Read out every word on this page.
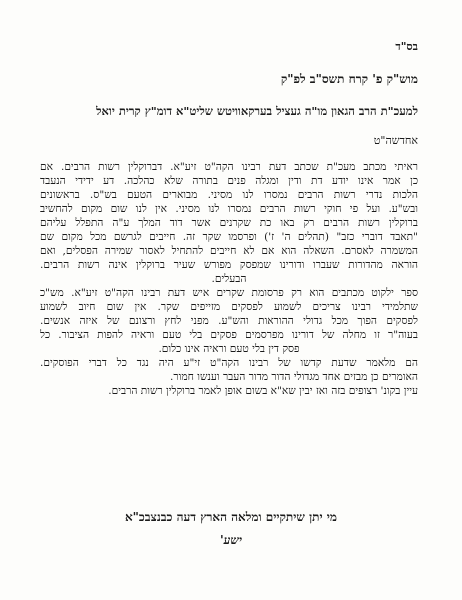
בס"ד
מוש"ק פ' קרח תשס"ב לפ"ק
למעכ"ת הרב הגאון מו"ה געציל בערקאוויטש שליט"א דומ"ץ קרית יואל
אחדשה"ט
ראיתי מכתב מעכ"ת שכתב דעת רבינו הקה"ט זיע"א. דברוקלין רשות הרבים. אם
כן אמר אינו יודע דת ודין ומגלה פנים בתורה שלא כהלכה. דע ידידי הנעבד
הלכות נדרי רשות הרבים נמסרו לנו מסיני. מבוארים הטעם בש"ס. בראשונים
ובש"ע. ועל פי חוקי רשות הרבים נמסרו לנו מסיני. אין לנו שום מקום להחשיב
ברוקלין רשות הרבים רק באו כת שקרנים אשר דוד המלך ע"ה התפלל עליהם
"תאבד דוברי כזב" (תהלים ה' ז') ופרסמו שקר זה. חייבים לגרשם מכל מקום שם
המשמרה לאסרם. השאלה הוא אם לא חייבים להתחיל לאסור שמירה הפסלים, ואם
הוראה מהדורות שעברו ודורינו שמפסק מפורש שעיר ברוקלין אינה רשות הרבים.
הבעלים.
ספר ילקוט מכתבים הוא רק פרסומת שקרים איש דעת רבינו הקה"ט זיע"א. מש"כ
שתלמידי רבינו צריכים לשמוע לפסקים מזייפים שקר. אין שום חיוב לשמוע
לפסקים הפוך מכל גדולי ההוראות והש"ע. מפני לחץ ורצונם של איזה אנשים.
בעוה"ר זו מחלה של דורינו מפרסמים פסקים בלי טעם וראיה להפות הציבור. כל
פסק דין בלי טעם וראיה אינו כלום.
הם מלאמר שדעת קדשו של רבינו הקה"ט זי"ע היה נגד כל דברי הפוסקים.
האומרים כן מבזים אחד מגדולי הדור מדור העבר וענשו חמור.
עיין בקונ' רצופים בזה ואז יבין שא"א בשום אופן לאמר ברוקלין רשות הרבים.
מי יתן שיתקיים ומלאה הארץ דעה כבנצבכ"א
ישע'
